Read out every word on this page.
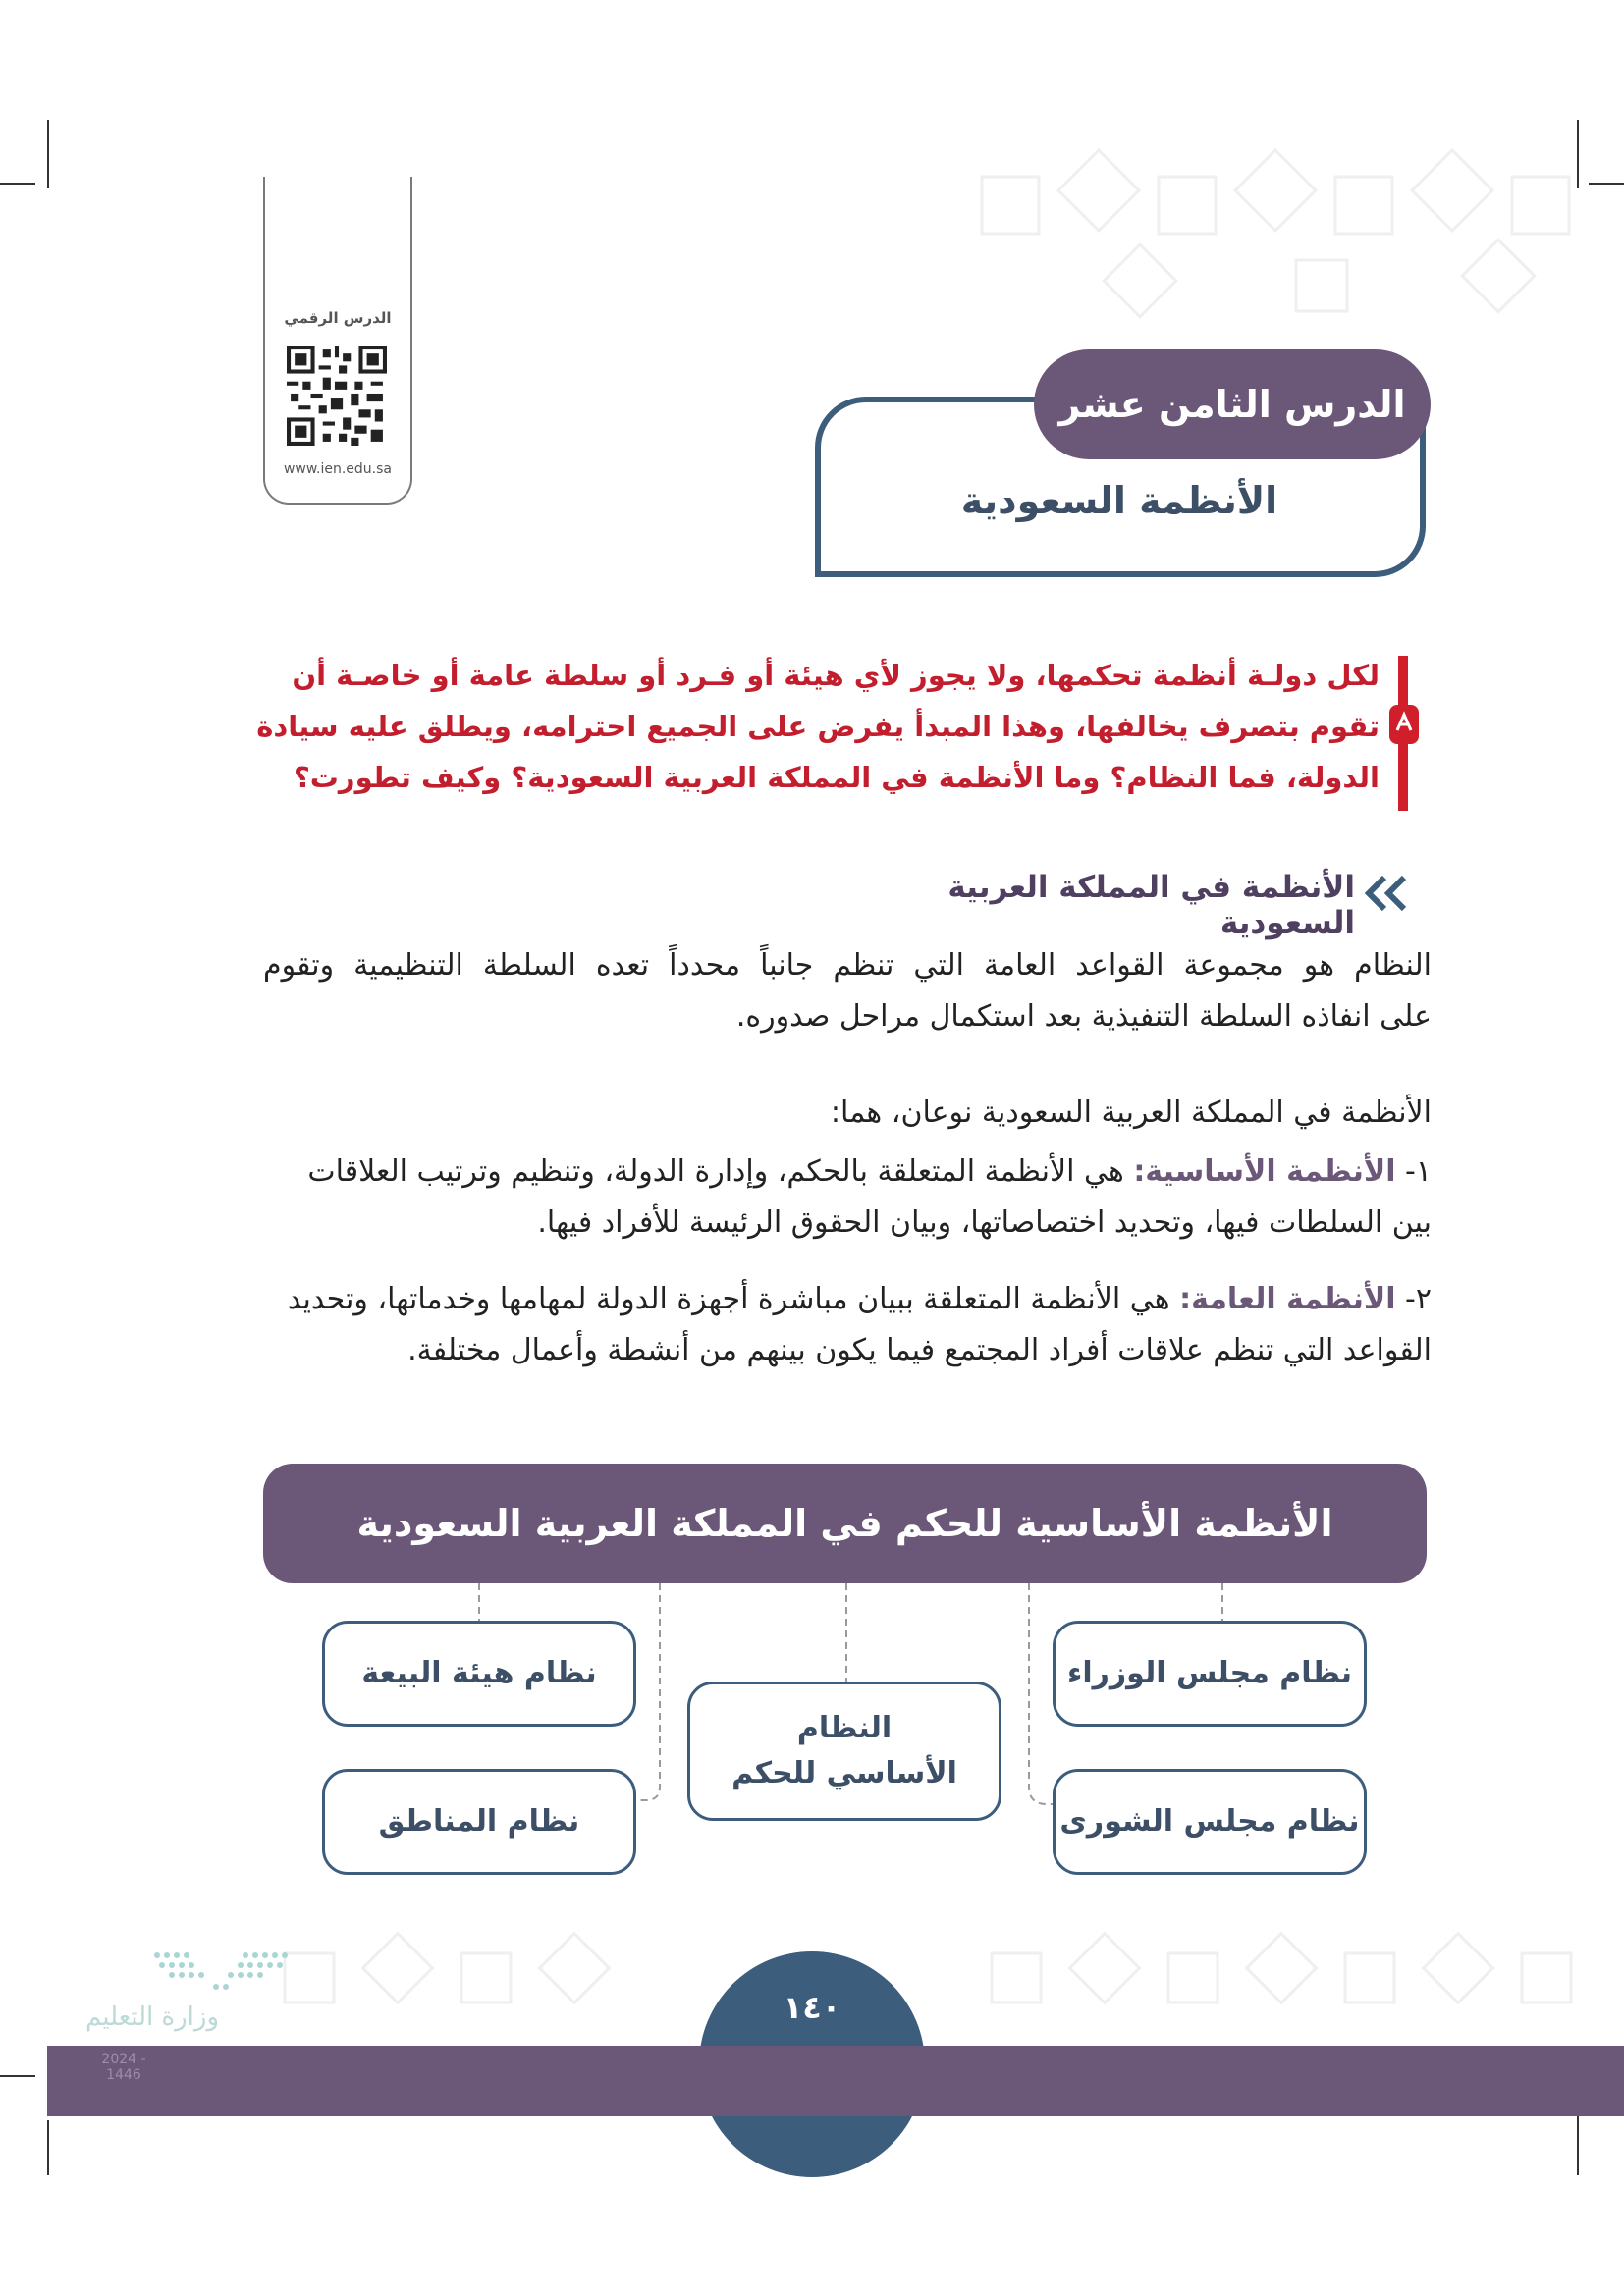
الدرس الرقمي
www.ien.edu.sa
الدرس الثامن عشر
الأنظمة السعودية
لكل دولـة أنظمة تحكمها، ولا يجوز لأي هيئة أو فـرد أو سلطة عامة أو خاصـة أن تقوم بتصرف يخالفها، وهذا المبدأ يفرض على الجميع احترامه، ويطلق عليه سيادة الدولة، فما النظام؟ وما الأنظمة في المملكة العربية السعودية؟ وكيف تطورت؟
الأنظمة في المملكة العربية السعودية
النظام هو مجموعة القواعد العامة التي تنظم جانباً محدداً تعده السلطة التنظيمية وتقوم
على انفاذه السلطة التنفيذية بعد استكمال مراحل صدوره.
الأنظمة في المملكة العربية السعودية نوعان، هما:
١- الأنظمة الأساسية: هي الأنظمة المتعلقة بالحكم، وإدارة الدولة، وتنظيم وترتيب العلاقات بين السلطات فيها، وتحديد اختصاصاتها، وبيان الحقوق الرئيسة للأفراد فيها.
٢- الأنظمة العامة: هي الأنظمة المتعلقة ببيان مباشرة أجهزة الدولة لمهامها وخدماتها، وتحديد القواعد التي تنظم علاقات أفراد المجتمع فيما يكون بينهم من أنشطة وأعمال مختلفة.
الأنظمة الأساسية للحكم في المملكة العربية السعودية
نظام مجلس الوزراء
نظام مجلس الشورى
النظام الأساسي للحكم
نظام هيئة البيعة
نظام المناطق
١٤٠
وزارة التعليم
2024 - 1446
